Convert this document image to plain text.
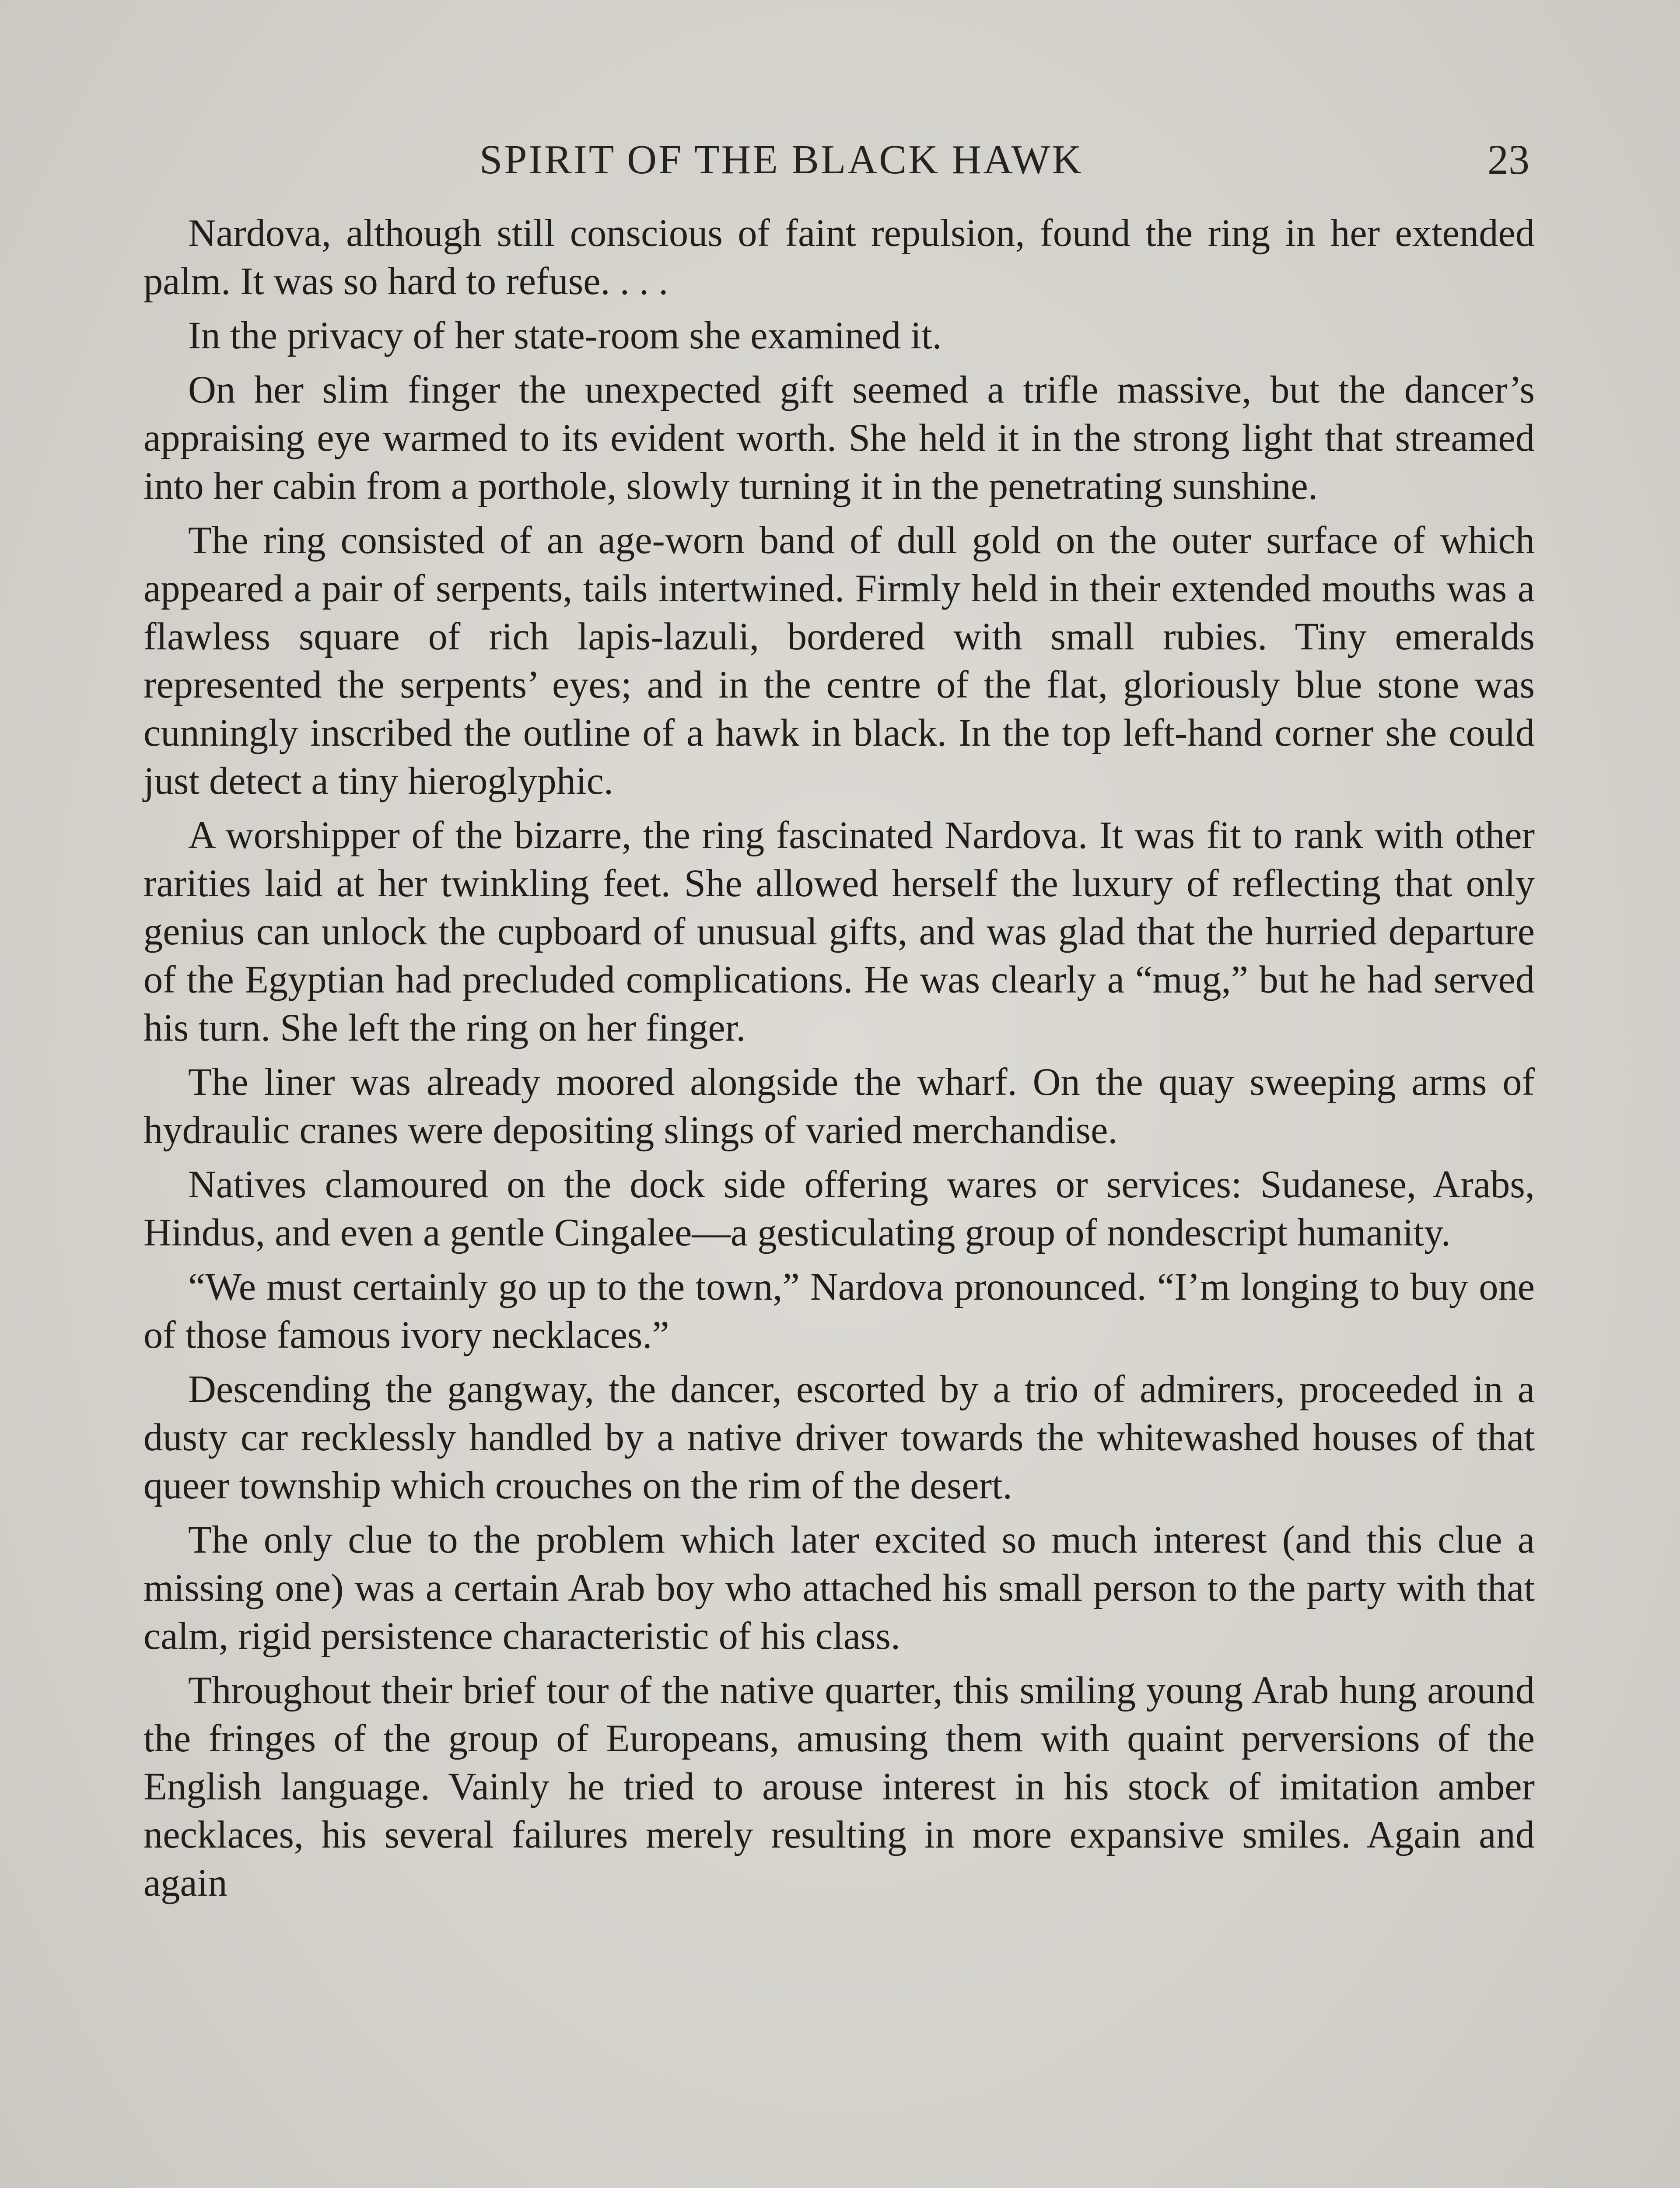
SPIRIT OF THE BLACK HAWK	23

Nardova, although still conscious of faint repulsion, found the ring in her extended palm. It was so hard to refuse. . . .

In the privacy of her state-room she examined it.

On her slim finger the unexpected gift seemed a trifle massive, but the dancer’s appraising eye warmed to its evident worth. She held it in the strong light that streamed into her cabin from a porthole, slowly turning it in the penetrating sunshine.

The ring consisted of an age-worn band of dull gold on the outer surface of which appeared a pair of serpents, tails intertwined. Firmly held in their extended mouths was a flawless square of rich lapis-lazuli, bordered with small rubies. Tiny emeralds represented the serpents’ eyes; and in the centre of the flat, gloriously blue stone was cunningly inscribed the outline of a hawk in black. In the top left-hand corner she could just detect a tiny hieroglyphic.

A worshipper of the bizarre, the ring fascinated Nardova. It was fit to rank with other rarities laid at her twinkling feet. She allowed herself the luxury of reflecting that only genius can unlock the cupboard of unusual gifts, and was glad that the hurried departure of the Egyptian had precluded complications. He was clearly a “mug,” but he had served his turn. She left the ring on her finger.

The liner was already moored alongside the wharf. On the quay sweeping arms of hydraulic cranes were depositing slings of varied merchandise.

Natives clamoured on the dock side offering wares or services: Sudanese, Arabs, Hindus, and even a gentle Cingalee—a gesticulating group of nondescript humanity.

“We must certainly go up to the town,” Nardova pronounced. “I’m longing to buy one of those famous ivory necklaces.”

Descending the gangway, the dancer, escorted by a trio of admirers, proceeded in a dusty car recklessly handled by a native driver towards the whitewashed houses of that queer township which crouches on the rim of the desert.

The only clue to the problem which later excited so much interest (and this clue a missing one) was a certain Arab boy who attached his small person to the party with that calm, rigid persistence characteristic of his class.

Throughout their brief tour of the native quarter, this smiling young Arab hung around the fringes of the group of Europeans, amusing them with quaint perversions of the English language. Vainly he tried to arouse interest in his stock of imitation amber necklaces, his several failures merely resulting in more expansive smiles. Again and again
